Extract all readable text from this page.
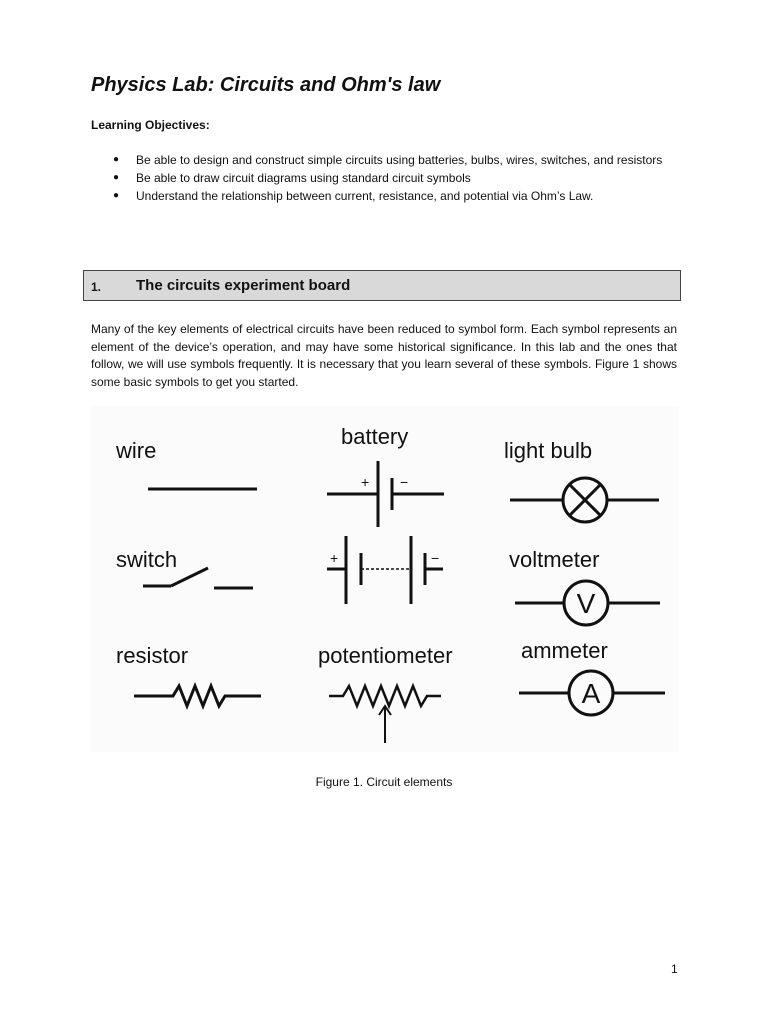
Physics Lab: Circuits and Ohm's law
Learning Objectives:
● Be able to design and construct simple circuits using batteries, bulbs, wires, switches, and resistors
● Be able to draw circuit diagrams using standard circuit symbols
● Understand the relationship between current, resistance, and potential via Ohm’s Law.
1. The circuits experiment board

Many of the key elements of electrical circuits have been reduced to symbol form. Each symbol represents an element of the device’s operation, and may have some historical significance. In this lab and the ones that follow, we will use symbols frequently. It is necessary that you learn several of these symbols. Figure 1 shows some basic symbols to get you started.

wire
battery
light bulb
switch	voltmeter
resistor	potentiometer	ammeter
+ −
+	−
V
A
Figure 1. Circuit elements
1
